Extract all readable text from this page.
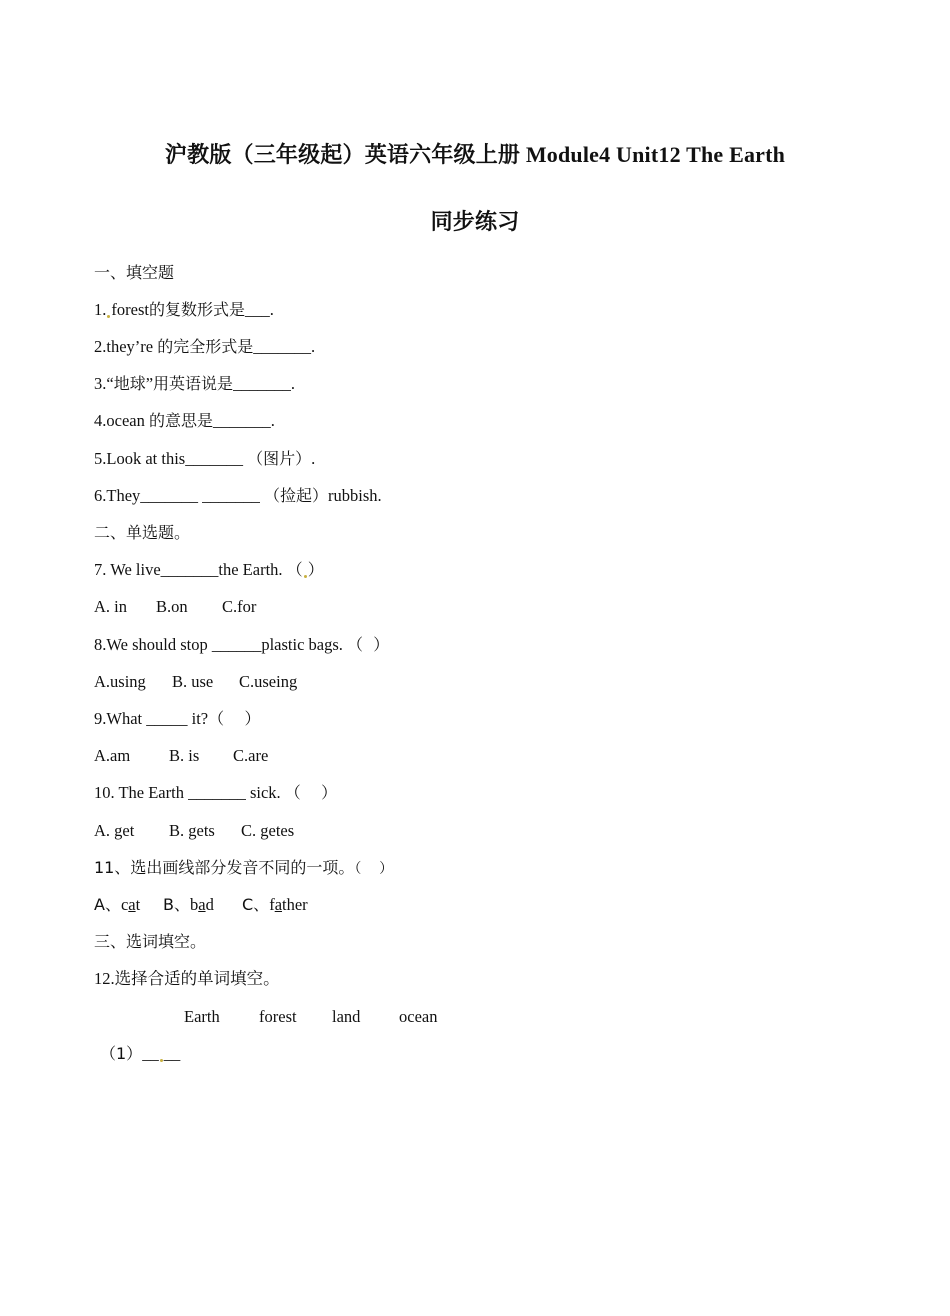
沪教版（三年级起）英语六年级上册 Module4 Unit12 The Earth
同步练习
一、填空题
1. forest的复数形式是___.
2.they’re 的完全形式是_______.
3.“地球”用英语说是_______.
4.ocean 的意思是_______.
5.Look at this_______ （图片）.
6.They_______ _______ （捡起）rubbish.
二、单选题。
7. We live_______the Earth. （ ）
A. in B.on C.for
8.We should stop ______plastic bags. （  ）
A.using B. use C.useing
9.What _____ it?（    ）
A.am B. is C.are
10. The Earth _______ sick. （    ）
A. get B. gets C. getes
11、选出画线部分发音不同的一项。（    ）
A、cat B、bad C、father
三、选词填空。
12.选择合适的单词填空。
Earth forest land ocean
（1）__ __
